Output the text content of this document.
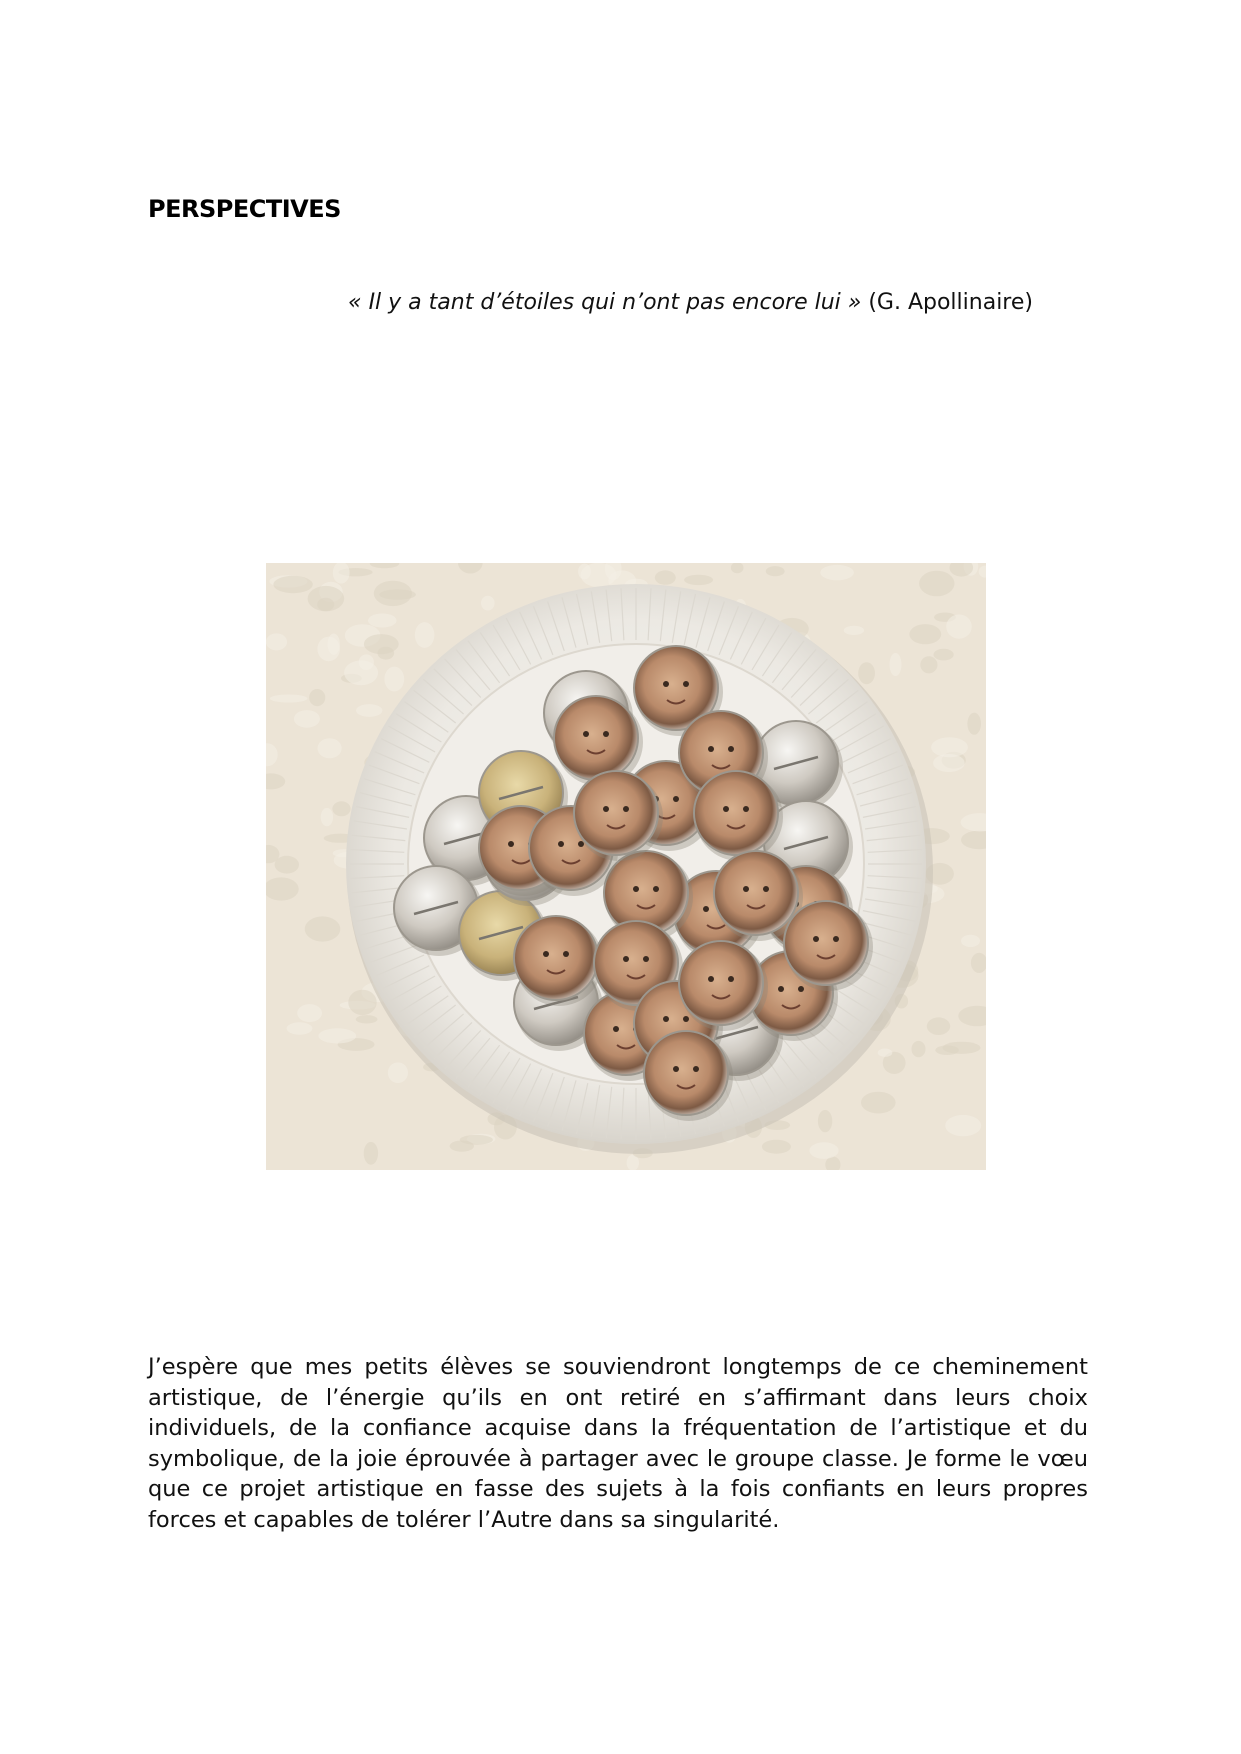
PERSPECTIVES

« Il y a tant d’étoiles qui n’ont pas encore lui » (G. Apollinaire)

J’espère que mes petits élèves se souviendront longtemps de ce cheminement artistique, de l’énergie qu’ils en ont retiré en s’affirmant dans leurs choix individuels, de la confiance acquise dans la fréquentation de l’artistique et du symbolique, de la joie éprouvée à partager avec le groupe classe. Je forme le vœu que ce projet artistique en fasse des sujets à la fois confiants en leurs propres forces et capables de tolérer l’Autre dans sa singularité.
